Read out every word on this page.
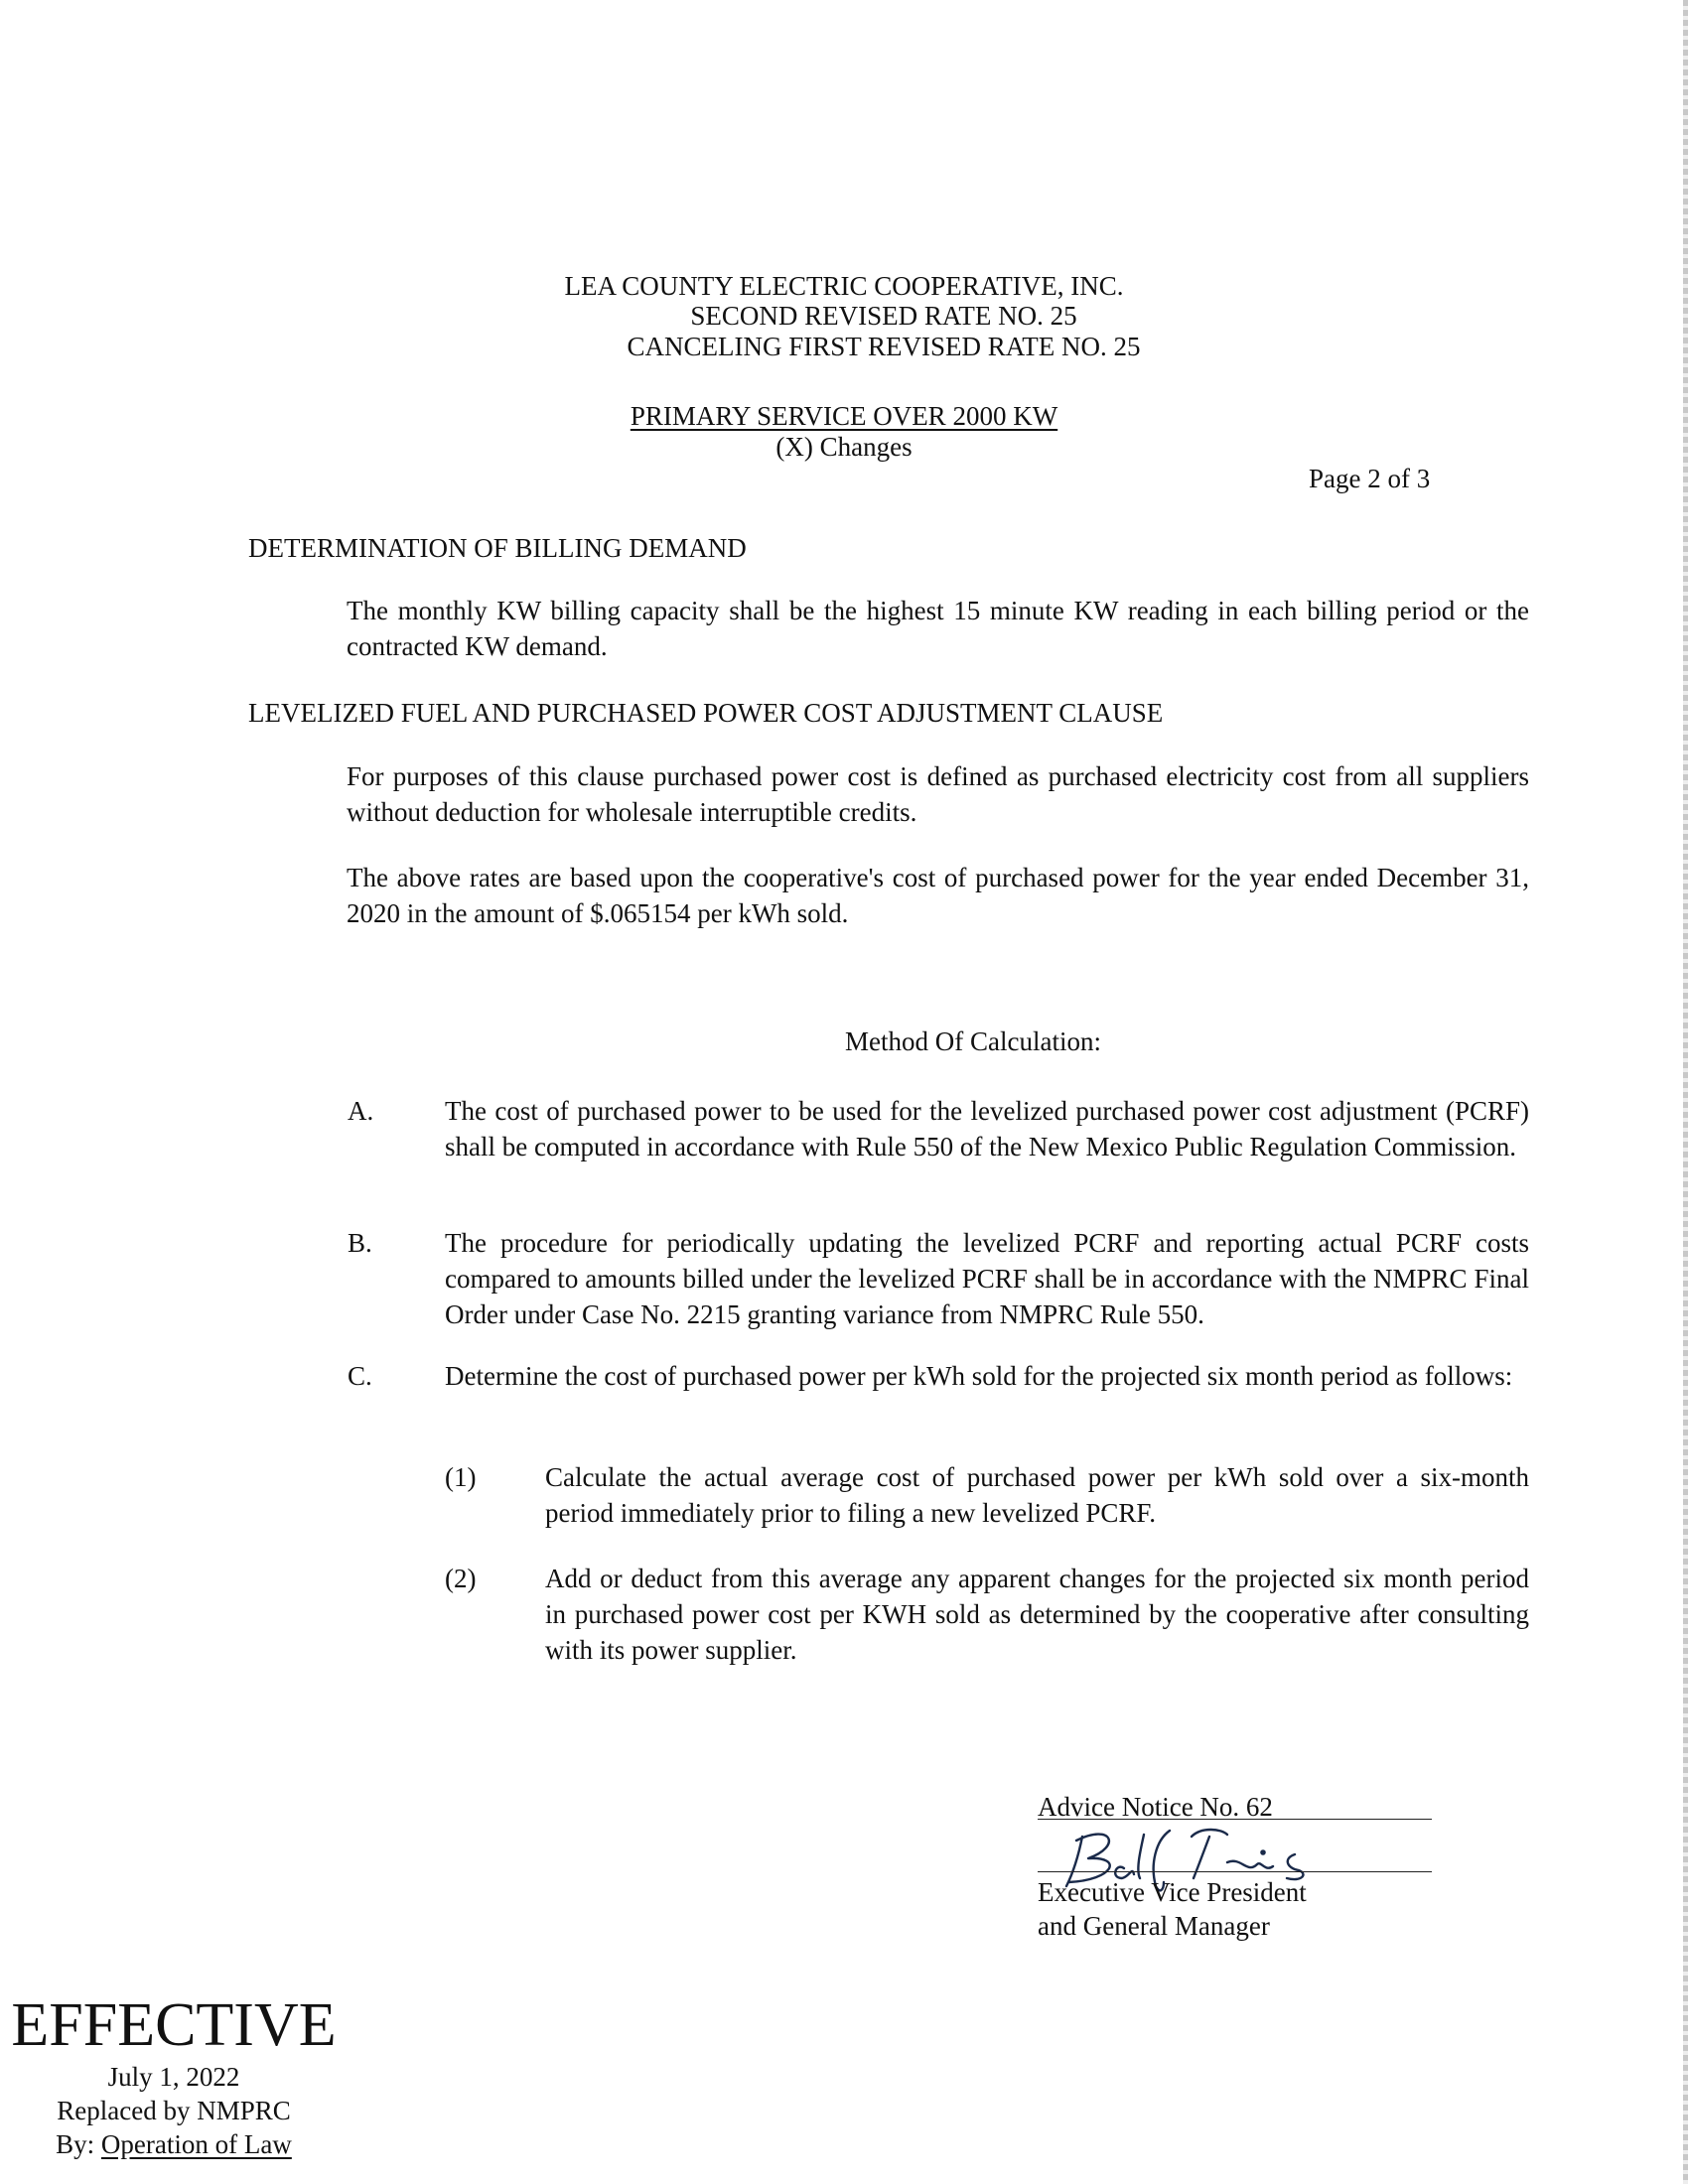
LEA COUNTY ELECTRIC COOPERATIVE, INC.
SECOND REVISED RATE NO. 25
CANCELING FIRST REVISED RATE NO. 25
PRIMARY SERVICE OVER 2000 KW
(X) Changes
Page 2 of 3
DETERMINATION OF BILLING DEMAND
The monthly KW billing capacity shall be the highest 15 minute KW reading in each billing period or the contracted KW demand.
LEVELIZED FUEL AND PURCHASED POWER COST ADJUSTMENT CLAUSE
For purposes of this clause purchased power cost is defined as purchased electricity cost from all suppliers without deduction for wholesale interruptible credits.
The above rates are based upon the cooperative's cost of purchased power for the year ended December 31, 2020 in the amount of $.065154 per kWh sold.
Method Of Calculation:
A.	The cost of purchased power to be used for the levelized purchased power cost adjustment (PCRF) shall be computed in accordance with Rule 550 of the New Mexico Public Regulation Commission.
B.	The procedure for periodically updating the levelized PCRF and reporting actual PCRF costs compared to amounts billed under the levelized PCRF shall be in accordance with the NMPRC Final Order under Case No. 2215 granting variance from NMPRC Rule 550.
C.	Determine the cost of purchased power per kWh sold for the projected six month period as follows:
(1)	Calculate the actual average cost of purchased power per kWh sold over a six-month period immediately prior to filing a new levelized PCRF.
(2)	Add or deduct from this average any apparent changes for the projected six month period in purchased power cost per KWH sold as determined by the cooperative after consulting with its power supplier.
Advice Notice No. 62
Executive Vice President
and General Manager
EFFECTIVE
July 1, 2022
Replaced by NMPRC
By: Operation of Law
